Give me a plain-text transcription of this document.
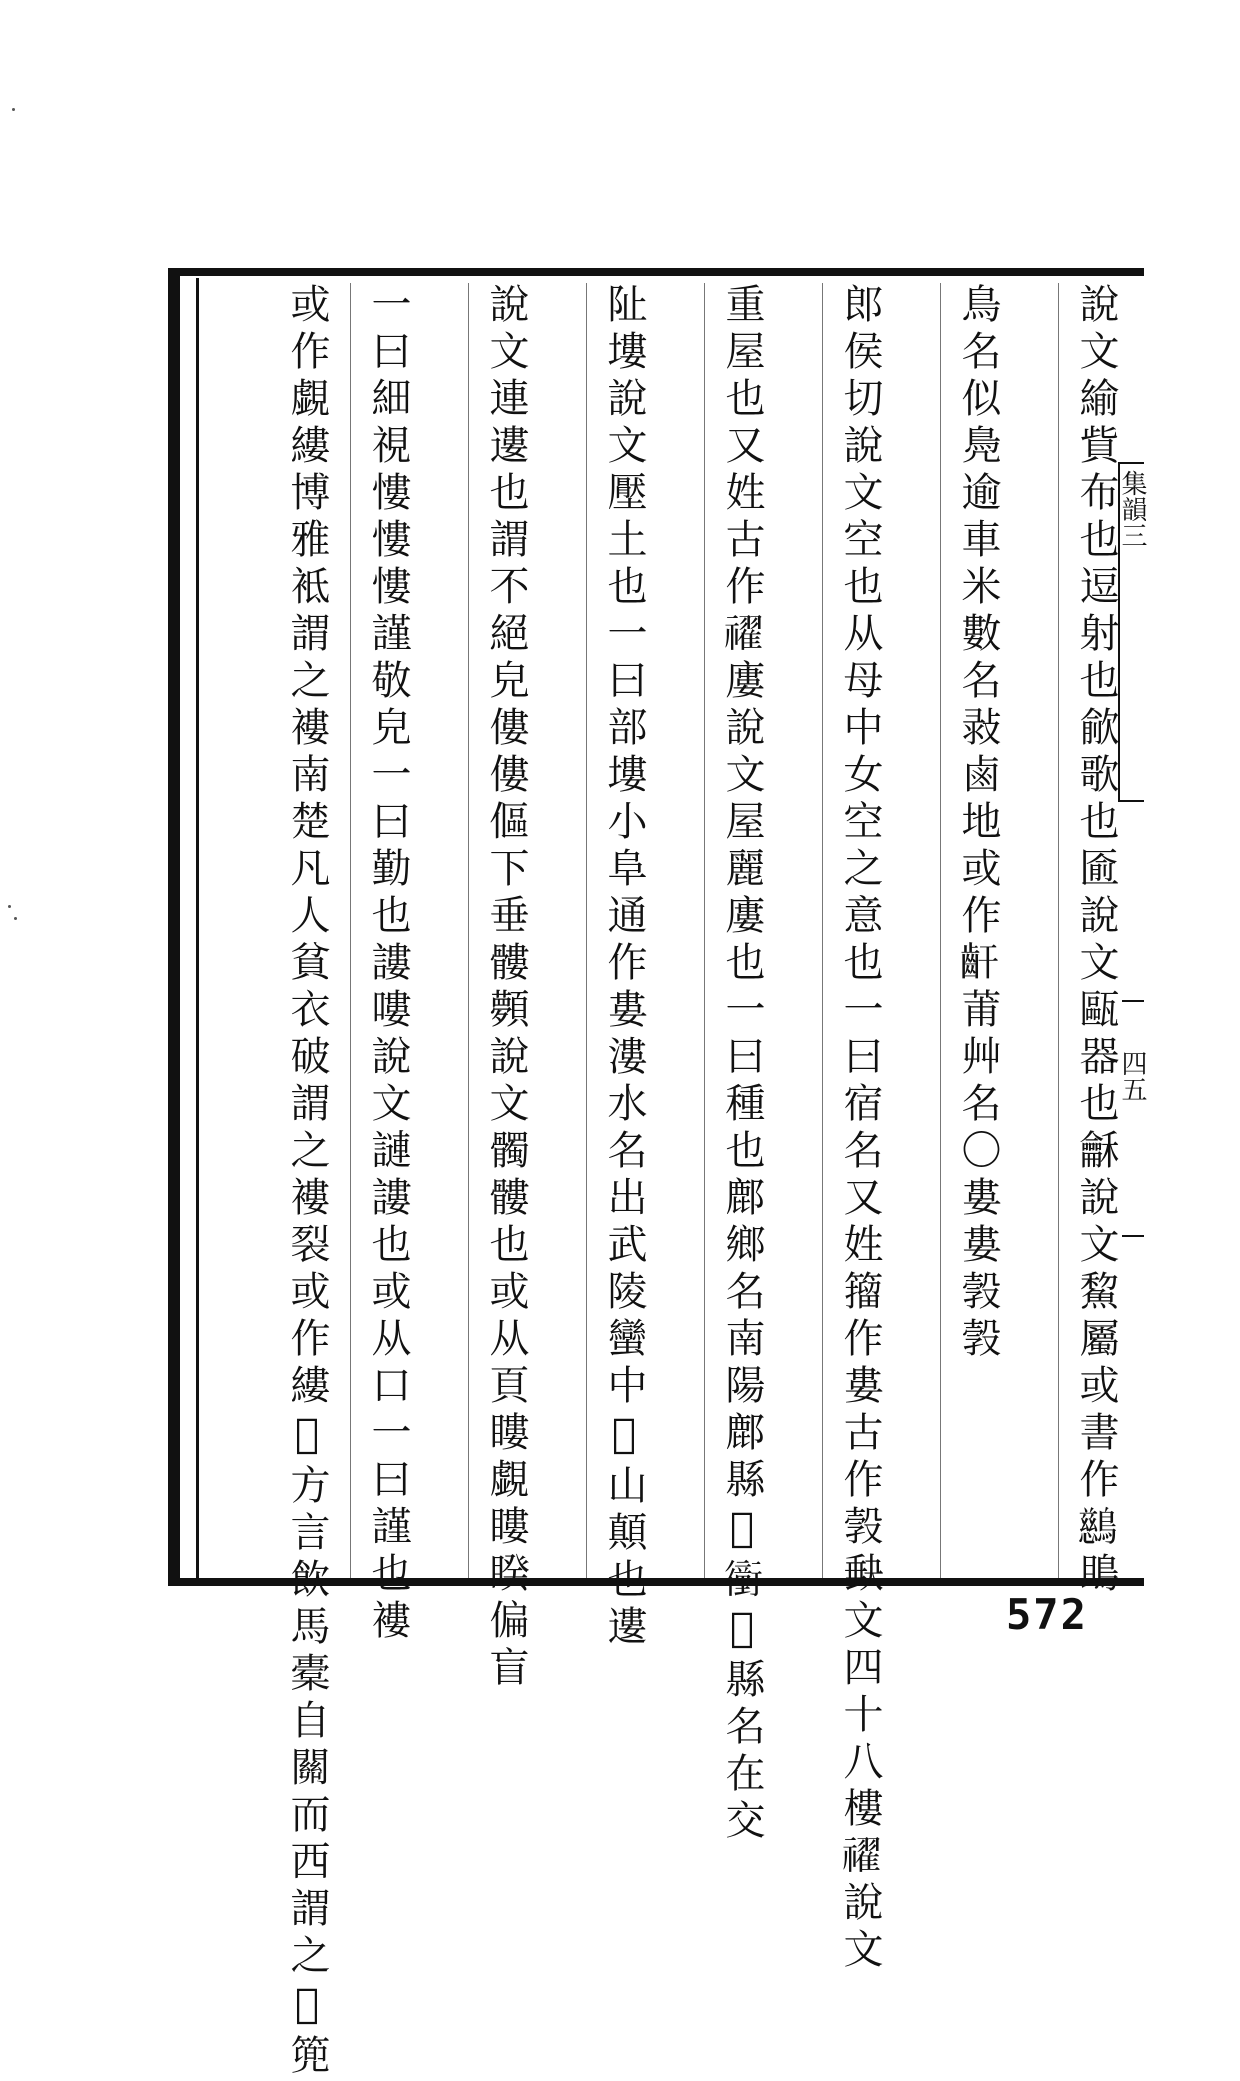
集韻三
四五
說文緰貲布也逗射也歈歌也匬說文甌器也龢說文鯬屬或書作𪇔鴡
鳥名似鳧逾車米數名㪖鹵地或作𪗙莆艸名〇婁婁㝅㝅
郎侯切說文空也从母中女空之意也一曰宿名又姓籀作婁古作㝅𡙇文四十八樓𥜔說文
重屋也又姓古作𥜔廔說文屋麗廔也一曰種也鄜鄉名南陽鄜縣𨺇𧘂𨺇縣名在交
阯塿說文壓土也一曰部塿小阜通作婁漊水名出武陵蠻中𡺳山顛也遱
說文連遱也謂不絕皃僂僂傴下垂髏顭說文髑髏也或从頁瞜覷瞜睽偏盲
一曰細視慺慺慺謹敬皃一曰勤也謱嘍說文謰謱也或从口一曰謹也褸
或作覷縷博雅袛謂之褸南楚凡人貧衣破謂之褸裂或作縷𢅥方言飲馬橐自關而西謂之𢅥篼	572
